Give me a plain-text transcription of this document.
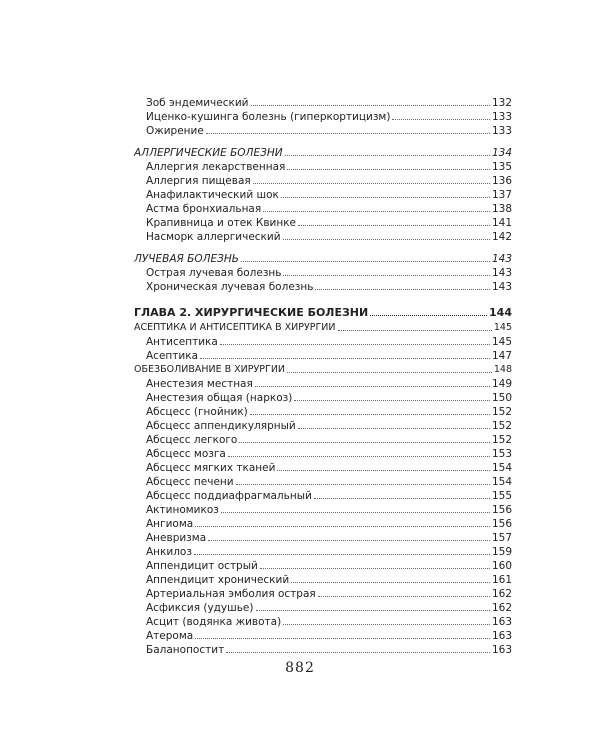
Зоб эндемический	132
Иценко-кушинга болезнь (гиперкортицизм)	133
Ожирение	133
АЛЛЕРГИЧЕСКИЕ БОЛЕЗНИ	134
Аллергия лекарственная	135
Аллергия пищевая	136
Анафилактический шок	137
Астма бронхиальная	138
Крапивница и отек Квинке	141
Насморк аллергический	142
ЛУЧЕВАЯ БОЛЕЗНЬ	143
Острая лучевая болезнь	143
Хроническая лучевая болезнь	143
ГЛАВА 2. ХИРУРГИЧЕСКИЕ БОЛЕЗНИ	144
АСЕПТИКА И АНТИСЕПТИКА В ХИРУРГИИ	145
Антисептика	145
Асептика	147
ОБЕЗБОЛИВАНИЕ В ХИРУРГИИ	148
Анестезия местная	149
Анестезия общая (наркоз)	150
Абсцесс (гнойник)	152
Абсцесс аппендикулярный	152
Абсцесс легкого	152
Абсцесс мозга	153
Абсцесс мягких тканей	154
Абсцесс печени	154
Абсцесс поддиафрагмальный	155
Актиномикоз	156
Ангиома	156
Аневризма	157
Анкилоз	159
Аппендицит острый	160
Аппендицит хронический	161
Артериальная эмболия острая	162
Асфиксия (удушье)	162
Асцит (водянка живота)	163
Атерома	163
Баланопостит	163
882
